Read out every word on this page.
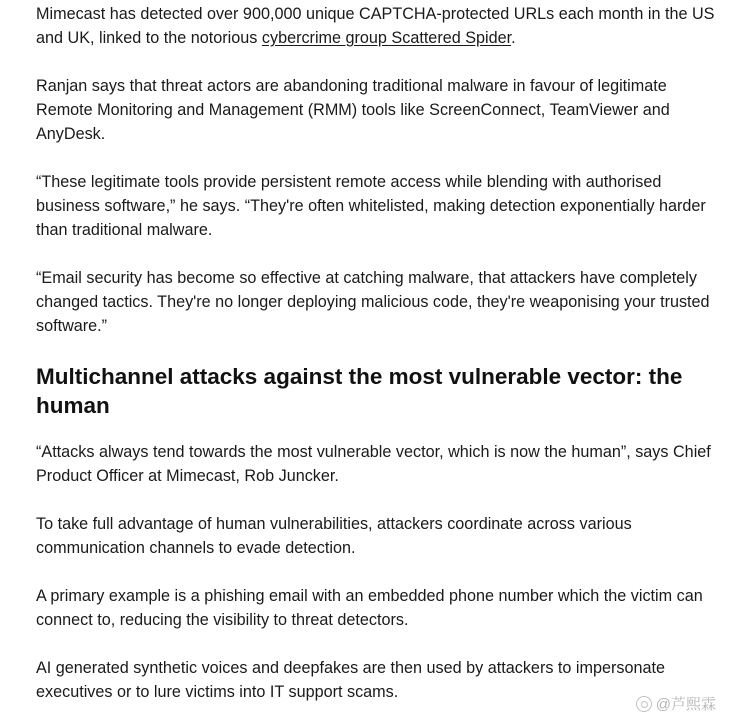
Mimecast has detected over 900,000 unique CAPTCHA-protected URLs each month in the US and UK, linked to the notorious cybercrime group Scattered Spider.

Ranjan says that threat actors are abandoning traditional malware in favour of legitimate Remote Monitoring and Management (RMM) tools like ScreenConnect, TeamViewer and AnyDesk.

“These legitimate tools provide persistent remote access while blending with authorised business software,” he says. “They're often whitelisted, making detection exponentially harder than traditional malware.

“Email security has become so effective at catching malware, that attackers have completely changed tactics. They're no longer deploying malicious code, they're weaponising your trusted software.”

Multichannel attacks against the most vulnerable vector: the human

“Attacks always tend towards the most vulnerable vector, which is now the human”, says Chief Product Officer at Mimecast, Rob Juncker.

To take full advantage of human vulnerabilities, attackers coordinate across various communication channels to evade detection.

A primary example is a phishing email with an embedded phone number which the victim can connect to, reducing the visibility to threat detectors.

AI generated synthetic voices and deepfakes are then used by attackers to impersonate executives or to lure victims into IT support scams.

@芦熙霖
